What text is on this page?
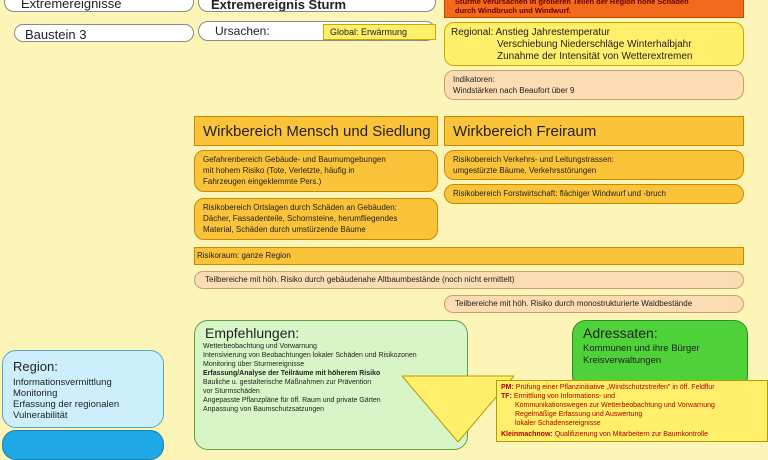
Extremereignisse	Extremereignis Sturm	Stürme verursachen in größeren Teilen der Region hohe Schäden
durch Windbruch und Windwurf.
Baustein 3	Ursachen:	Global: Erwärmung	Regional: Anstieg Jahrestemperatur
Verschiebung Niederschläge Winterhalbjahr
Zunahme der Intensität von Wetterextremen
Indikatoren:
Windstärken nach Beaufort über 9
Wirkbereich Mensch und Siedlung Wirkbereich Freiraum
Gefahrenbereich Gebäude- und Baumumgebungen
mit hohem Risiko (Tote, Verletzte, häufig in
Fahrzeugen eingeklemmte Pers.)
Risikobereich Ortslagen durch Schäden an Gebäuden:
Dächer, Fassadenteile, Schornsteine, herumfliegendes
Material, Schäden durch umstürzende Bäume
Risikobereich Verkehrs- und Leitungstrassen:
umgestürzte Bäume, Verkehrsstörungen
Risikobereich Forstwirtschaft: flächiger Windwurf und -bruch
Risikoraum: ganze Region
Teilbereiche mit höh. Risiko durch gebäudenahe Altbaumbestände (noch nicht ermittelt)
Teilbereiche mit höh. Risiko durch monostrukturierte Waldbestände
Empfehlungen:
Wetterbeobachtung und Vorwarnung
Intensivierung von Beobachtungen lokaler Schäden und Risikozonen
Monitoring über Sturmereignisse
Erfassung/Analyse der Teilräume mit höherem Risiko
Bauliche u. gestalterische Maßnahmen zur Prävention
vor Sturmschäden
Angepasste Pflanzpläne für öff. Raum und private Gärten
Anpassung von Baumschutzsatzungen
Adressaten:
Kommunen und ihre Bürger
Kreisverwaltungen
Region:
Informationsvermittlung
Monitoring
Erfassung der regionalen
Vulnerabilität
PM: Prüfung einer Pflanzinitiative „Windschutzstreifen" in öff. Feldflur
TF: Ermittlung von Informations- und
Kommunikationswegen zur Wetterbeobachtung und Vorwarnung
Regelmäßige Erfassung und Auswertung
lokaler Schadensereignisse
Kleinmachnow: Qualifizierung von Mitarbeitern zur Baumkontrolle
